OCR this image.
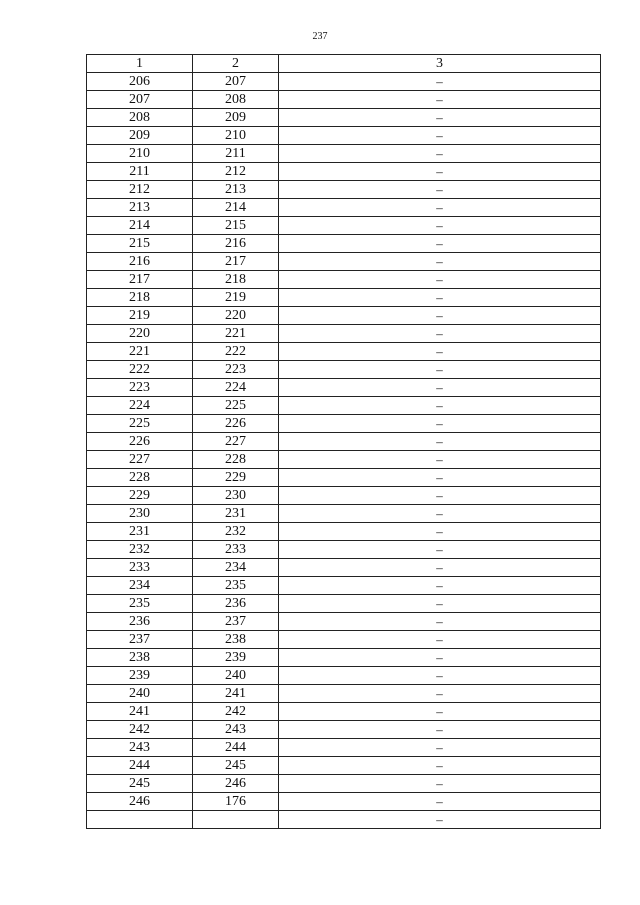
237
1	2	3
206	207	–
207	208	–
208	209	–
209	210	–
210	211	–
211	212	–
212	213	–
213	214	–
214	215	–
215	216	–
216	217	–
217	218	–
218	219	–
219	220	–
220	221	–
221	222	–
222	223	–
223	224	–
224	225	–
225	226	–
226	227	–
227	228	–
228	229	–
229	230	–
230	231	–
231	232	–
232	233	–
233	234	–
234	235	–
235	236	–
236	237	–
237	238	–
238	239	–
239	240	–
240	241	–
241	242	–
242	243	–
243	244	–
244	245	–
245	246	–
246	176	–
		–
